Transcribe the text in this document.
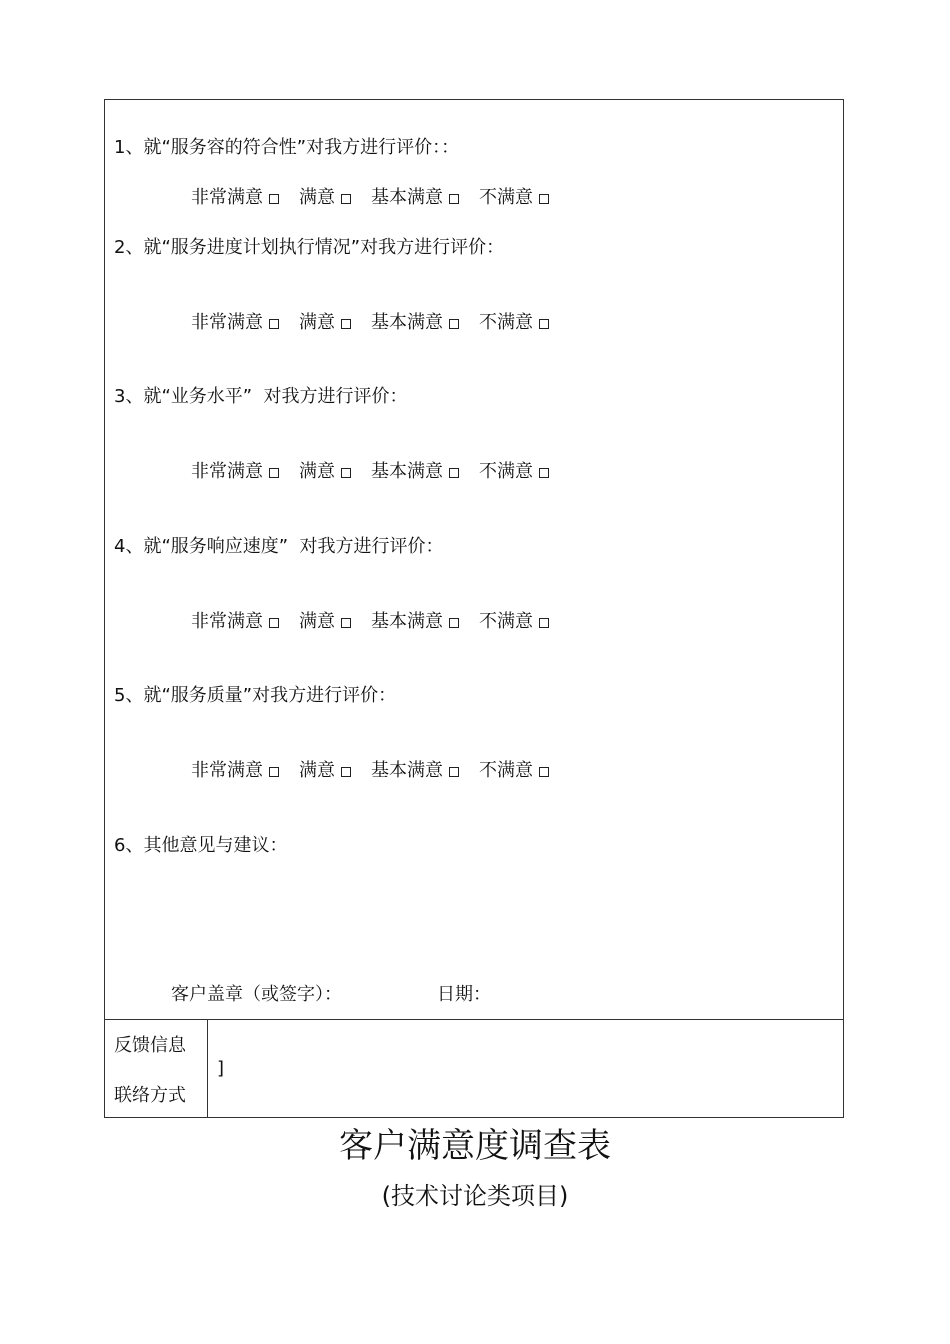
1、就“服务容的符合性”对我方进行评价：：
非常满意 满意 基本满意 不满意
2、就“服务进度计划执行情况”对我方进行评价：
非常满意 满意 基本满意 不满意
3、就“业务水平”  对我方进行评价：
非常满意 满意 基本满意 不满意
4、就“服务响应速度”  对我方进行评价：
非常满意 满意 基本满意 不满意
5、就“服务质量”对我方进行评价：
非常满意 满意 基本满意 不满意
6、其他意见与建议：
客户盖章（或签字）：	日期：
反馈信息
联络方式
]
客户满意度调查表
(技术讨论类项目)
